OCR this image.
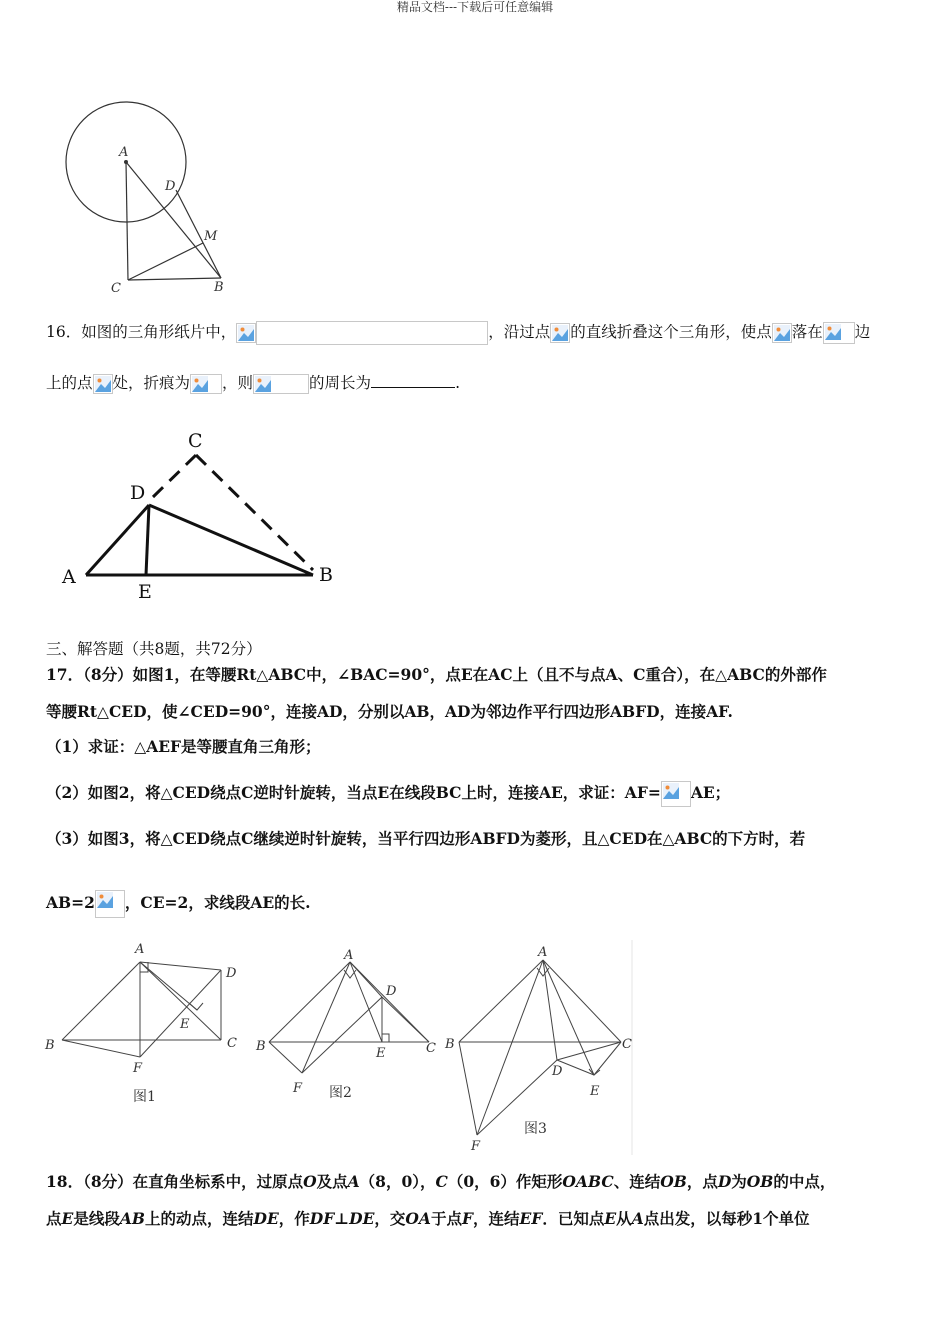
精品文档---下载后可任意编辑
A
D
M
C	B
16．如图的三角形纸片中，	，沿过点 的直线折叠这个三角形，使点 落在 边
上的点 处，折痕为 ，则	的周长为	.
C
D
A
E
B
三、解答题（共8题，共72分）
17．（8分）如图1，在等腰Rt△ABC中，∠BAC=90°，点E在AC上（且不与点A、C重合），在△ABC的外部作
等腰Rt△CED，使∠CED=90°，连接AD，分别以AB，AD为邻边作平行四边形ABFD，连接AF.
（1）求证：△AEF是等腰直角三角形；
（2）如图2，将△CED绕点C逆时针旋转，当点E在线段BC上时，连接AE，求证：AF= AE；
（3）如图3，将△CED绕点C继续逆时针旋转，当平行四边形ABFD为菱形，且△CED在△ABC的下方时，若
AB=2 ，CE=2，求线段AE的长.
A
D
E
B	C
F
A
D
B	E	C
F
A
B	C
D
E
F
图1	图2
图3
18．（8分）在直角坐标系中，过原点O及点A（8，0），C（0，6）作矩形OABC、连结OB，点D为OB的中点，
点E是线段AB上的动点，连结DE，作DF⊥DE，交OA于点F，连结EF．已知点E从A点出发，以每秒1个单位
